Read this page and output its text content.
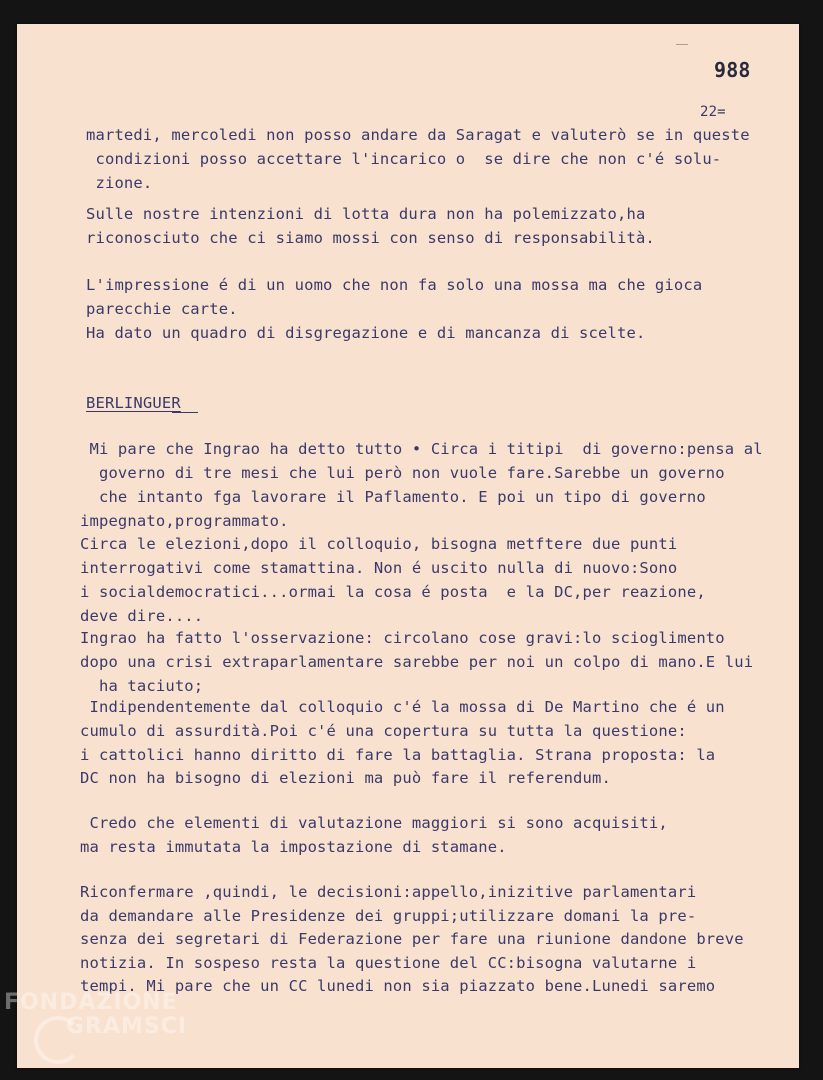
988
22=
martedi, mercoledi non posso andare da Saragat e valuterò se in queste
condizioni posso accettare l'incarico o  se dire che non c'é solu-
zione.
Sulle nostre intenzioni di lotta dura non ha polemizzato,ha
riconosciuto che ci siamo mossi con senso di responsabilità.
L'impressione é di un uomo che non fa solo una mossa ma che gioca
parecchie carte.
Ha dato un quadro di disgregazione e di mancanza di scelte.
BERLINGUER
Mi pare che Ingrao ha detto tutto • Circa i titipi  di governo:pensa al
governo di tre mesi che lui però non vuole fare.Sarebbe un governo
che intanto fga lavorare il Paflamento. E poi un tipo di governo
impegnato,programmato.
Circa le elezioni,dopo il colloquio, bisogna metftere due punti
interrogativi come stamattina. Non é uscito nulla di nuovo:Sono
i socialdemocratici...ormai la cosa é posta  e la DC,per reazione,
deve dire....
Ingrao ha fatto l'osservazione: circolano cose gravi:lo scioglimento
dopo una crisi extraparlamentare sarebbe per noi un colpo di mano.E lui
ha taciuto;
Indipendentemente dal colloquio c'é la mossa di De Martino che é un
cumulo di assurdità.Poi c'é una copertura su tutta la questione:
i cattolici hanno diritto di fare la battaglia. Strana proposta: la
DC non ha bisogno di elezioni ma può fare il referendum.
Credo che elementi di valutazione maggiori si sono acquisiti,
ma resta immutata la impostazione di stamane.
Riconfermare ,quindi, le decisioni:appello,inizitive parlamentari
da demandare alle Presidenze dei gruppi;utilizzare domani la pre-
senza dei segretari di Federazione per fare una riunione dandone breve
notizia. In sospeso resta la questione del CC:bisogna valutarne i
tempi. Mi pare che un CC lunedi non sia piazzato bene.Lunedi saremo
FONDAZIONE
GRAMSCI
